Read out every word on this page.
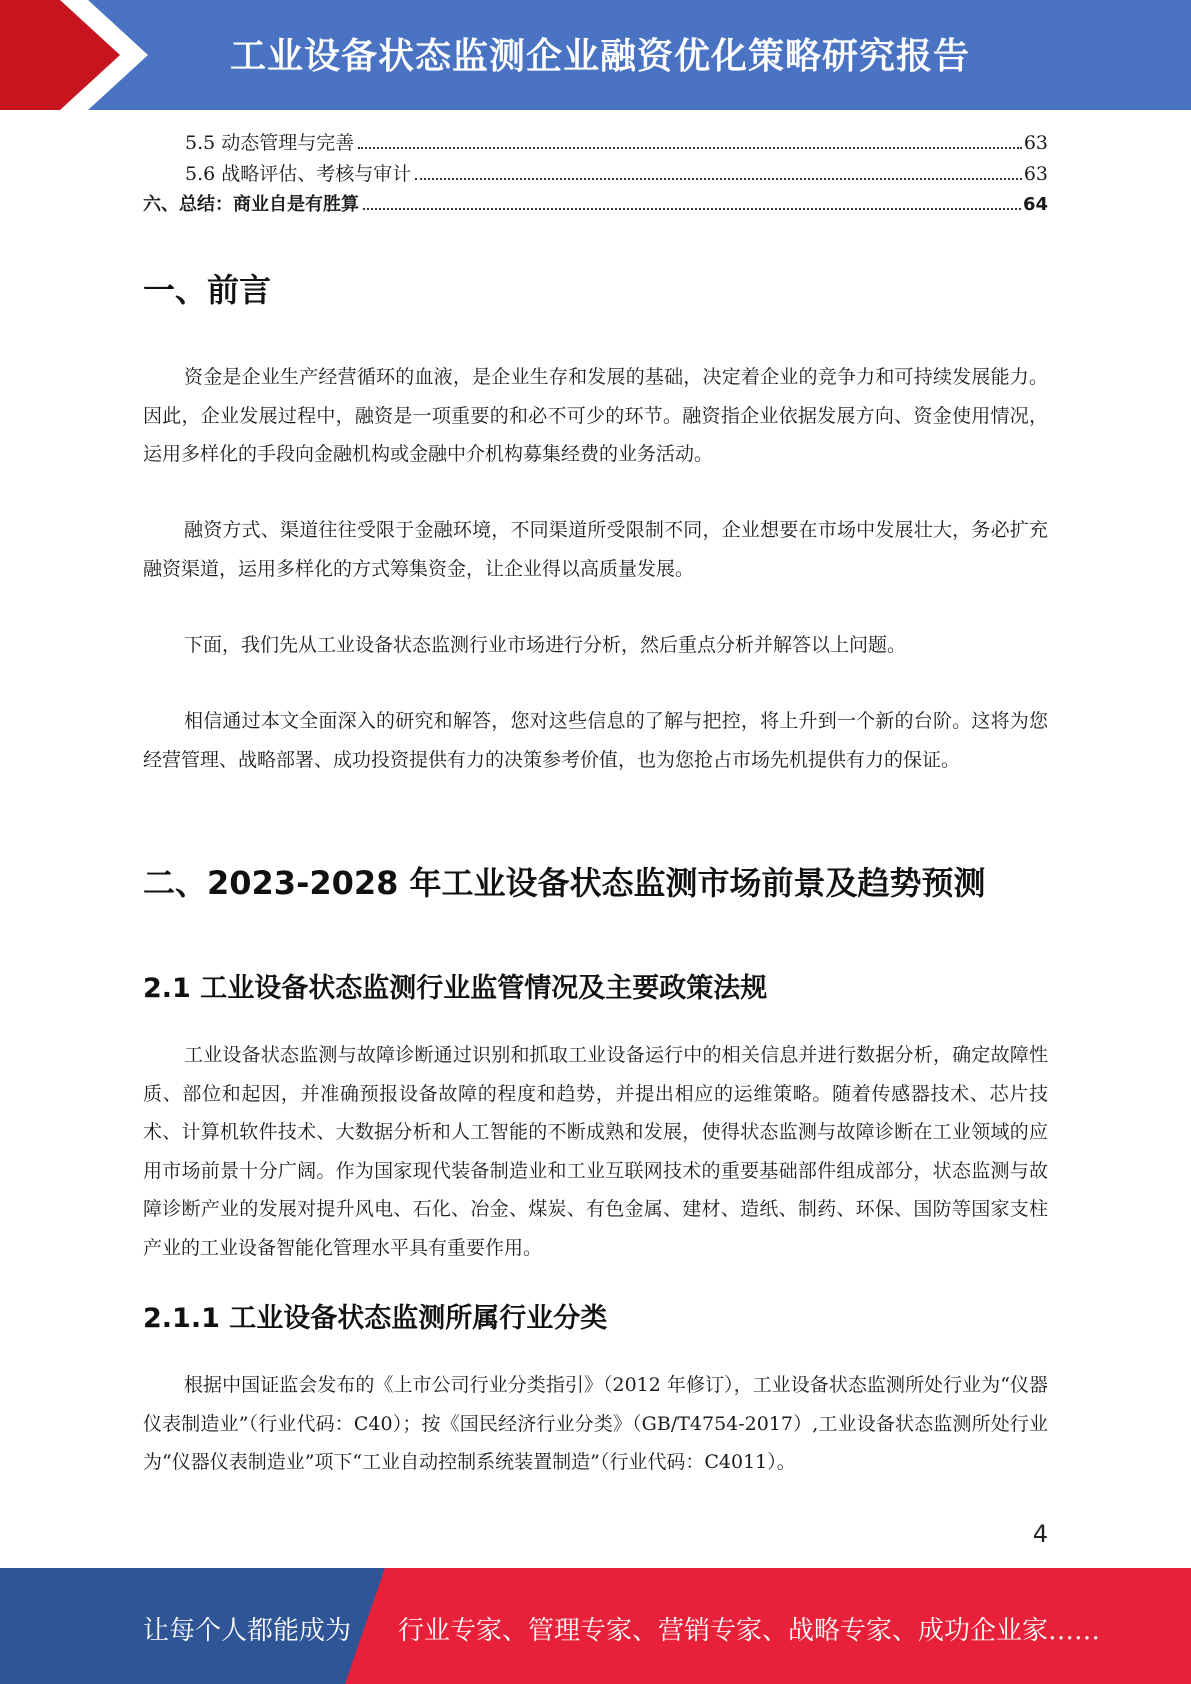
工业设备状态监测企业融资优化策略研究报告
5.5 动态管理与完善	63
5.6 战略评估、考核与审计	63
六、总结：商业自是有胜算	64
一、前言
资金是企业生产经营循环的血液，是企业生存和发展的基础，决定着企业的竞争力和可持续发展能力。因此，企业发展过程中，融资是一项重要的和必不可少的环节。融资指企业依据发展方向、资金使用情况，运用多样化的手段向金融机构或金融中介机构募集经费的业务活动。
融资方式、渠道往往受限于金融环境，不同渠道所受限制不同，企业想要在市场中发展壮大，务必扩充融资渠道，运用多样化的方式筹集资金，让企业得以高质量发展。
下面，我们先从工业设备状态监测行业市场进行分析，然后重点分析并解答以上问题。
相信通过本文全面深入的研究和解答，您对这些信息的了解与把控，将上升到一个新的台阶。这将为您经营管理、战略部署、成功投资提供有力的决策参考价值，也为您抢占市场先机提供有力的保证。
二、2023-2028 年工业设备状态监测市场前景及趋势预测
2.1 工业设备状态监测行业监管情况及主要政策法规
工业设备状态监测与故障诊断通过识别和抓取工业设备运行中的相关信息并进行数据分析，确定故障性质、部位和起因，并准确预报设备故障的程度和趋势，并提出相应的运维策略。随着传感器技术、芯片技术、计算机软件技术、大数据分析和人工智能的不断成熟和发展，使得状态监测与故障诊断在工业领域的应用市场前景十分广阔。作为国家现代装备制造业和工业互联网技术的重要基础部件组成部分，状态监测与故障诊断产业的发展对提升风电、石化、冶金、煤炭、有色金属、建材、造纸、制药、环保、国防等国家支柱产业的工业设备智能化管理水平具有重要作用。
2.1.1 工业设备状态监测所属行业分类
根据中国证监会发布的《上市公司行业分类指引》（2012 年修订），工业设备状态监测所处行业为“仪器仪表制造业”（行业代码：C40）；按《国民经济行业分类》（GB/T4754-2017）,工业设备状态监测所处行业为“仪器仪表制造业”项下“工业自动控制系统装置制造”（行业代码：C4011）。
4
让每个人都能成为 行业专家、管理专家、营销专家、战略专家、成功企业家……
